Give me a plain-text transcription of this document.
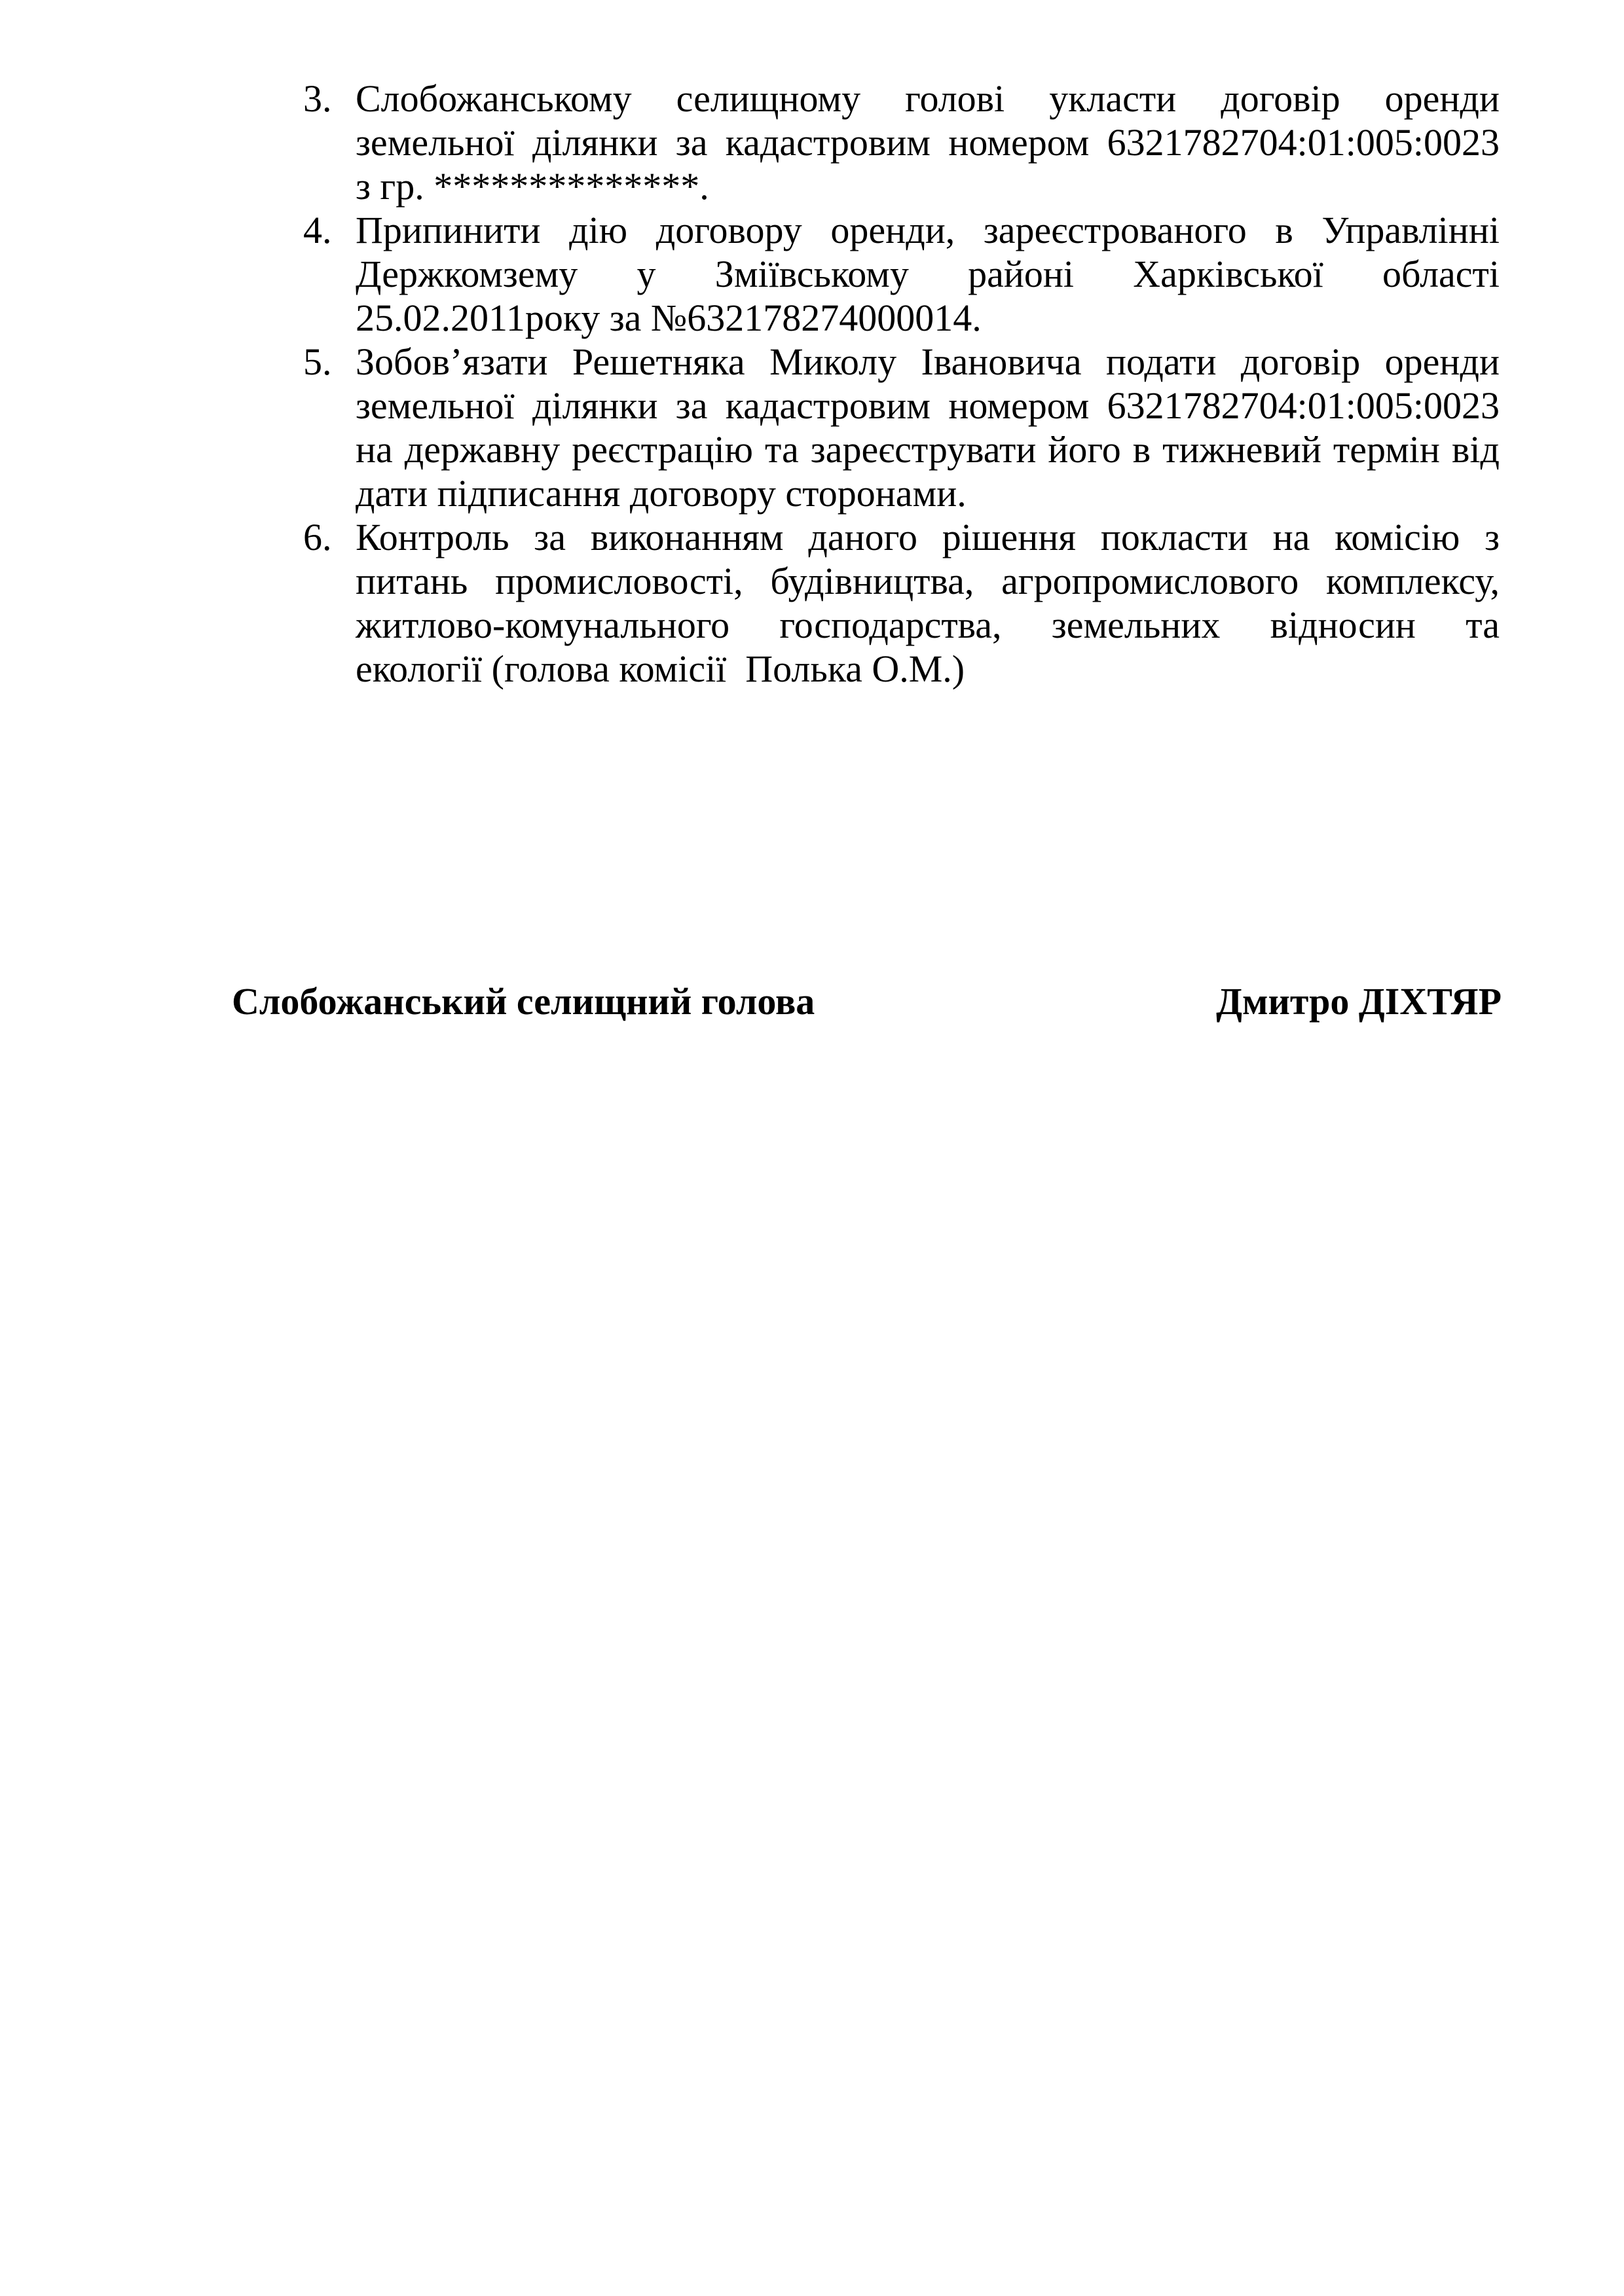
3. Слобожанському селищному голові укласти договір оренди
земельної ділянки за кадастровим номером 6321782704:01:005:0023
з гр. **************.
4. Припинити дію договору оренди, зареєстрованого в Управлінні
Держкомзему у Зміївському районі Харківської області
25.02.2011року за №632178274000014.
5. Зобов’язати Решетняка Миколу Івановича подати договір оренди
земельної ділянки за кадастровим номером 6321782704:01:005:0023
на державну реєстрацію та зареєструвати його в тижневий термін від
дати підписання договору сторонами.
6. Контроль за виконанням даного рішення покласти на комісію з
питань промисловості, будівництва, агропромислового комплексу,
житлово-комунального господарства, земельних відносин та
екології (голова комісії  Полька О.М.)
Слобожанський селищний голова	Дмитро ДІХТЯР
